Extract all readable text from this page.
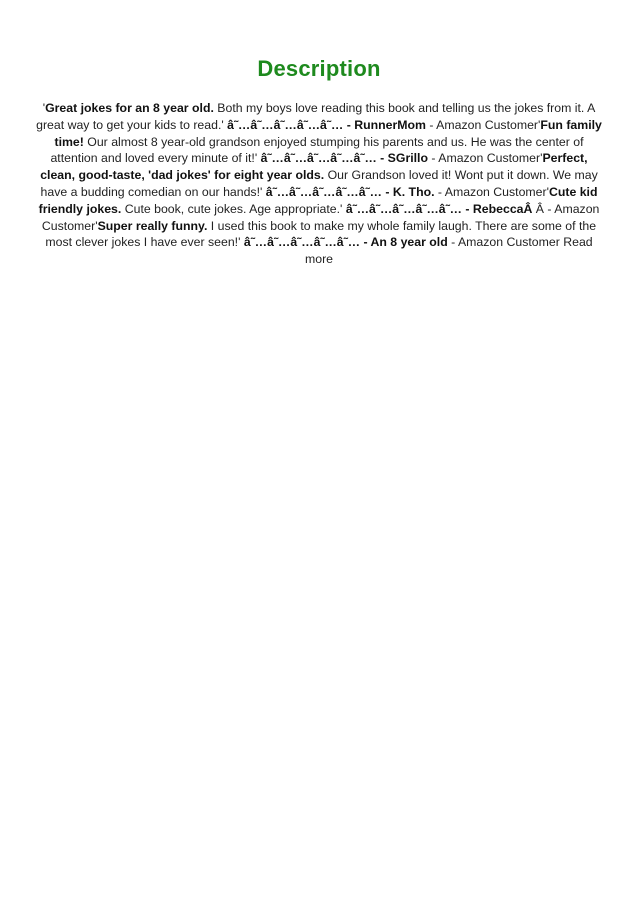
Description
'Great jokes for an 8 year old. Both my boys love reading this book and telling us the jokes from it. A great way to get your kids to read.' â˜…â˜…â˜…â˜…â˜… - RunnerMom - Amazon Customer'Fun family time! Our almost 8 year-old grandson enjoyed stumping his parents and us. He was the center of attention and loved every minute of it!' â˜…â˜…â˜…â˜…â˜… - SGrillo - Amazon Customer'Perfect, clean, good-taste, 'dad jokes' for eight year olds. Our Grandson loved it! Wont put it down. We may have a budding comedian on our hands!' â˜…â˜…â˜…â˜…â˜… - K. Tho. - Amazon Customer'Cute kid friendly jokes. Cute book, cute jokes. Age appropriate.' â˜…â˜…â˜…â˜…â˜… - RebeccaÂ Â - Amazon Customer'Super really funny. I used this book to make my whole family laugh. There are some of the most clever jokes I have ever seen!' â˜…â˜…â˜…â˜…â˜… - An 8 year old - Amazon Customer Read more
